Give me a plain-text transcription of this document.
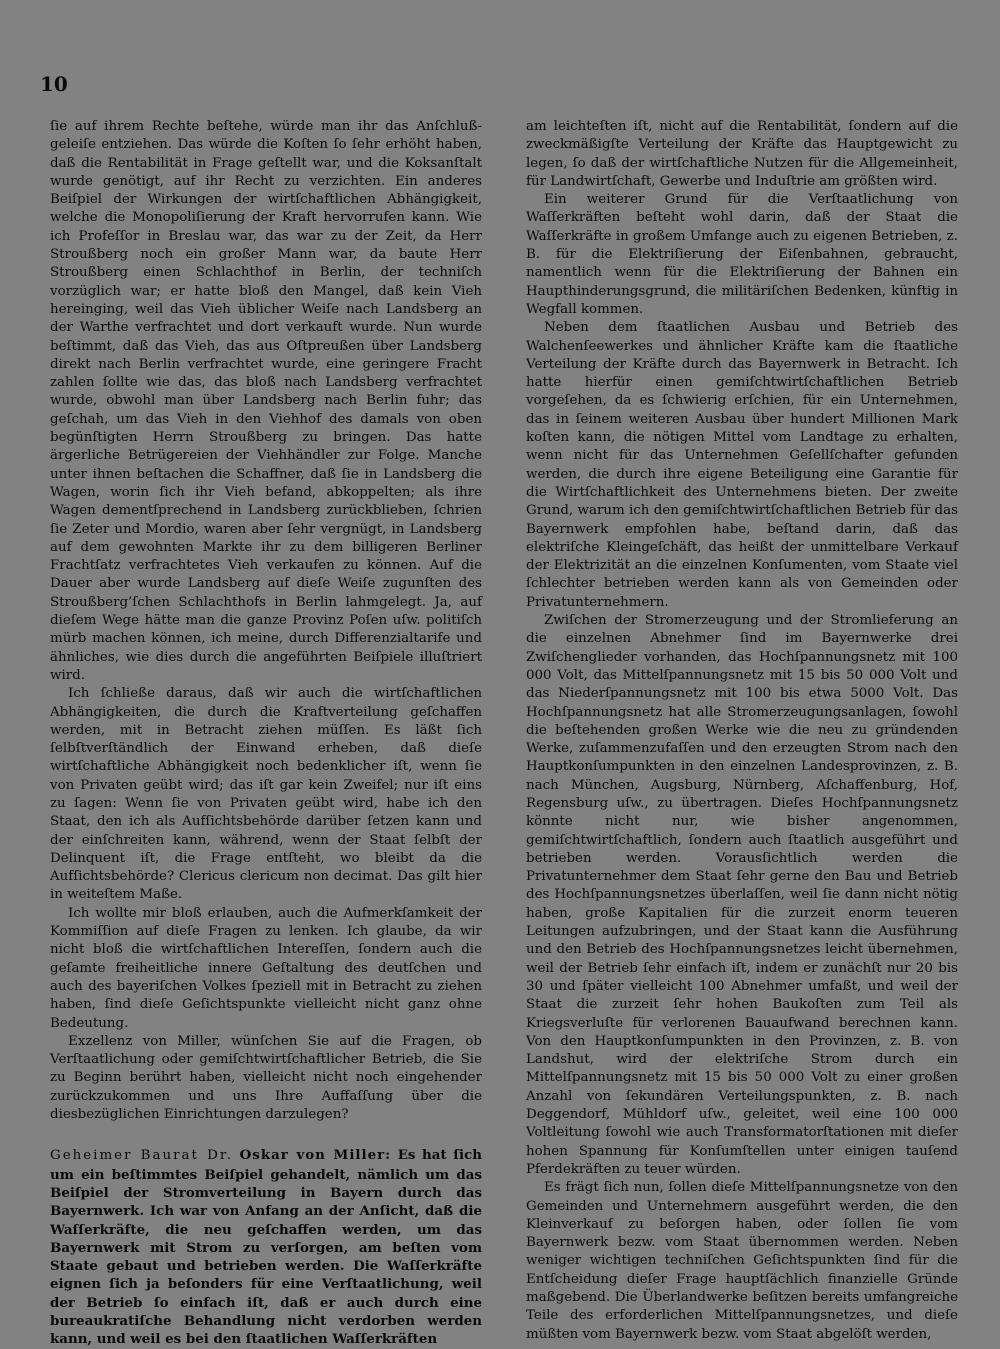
10

ſie auf ihrem Rechte beſtehe, würde man ihr das Anſchluß-geleiſe entziehen. Das würde die Koſten ſo ſehr erhöht haben, daß die Rentabilität in Frage geſtellt war, und die Koksanſtalt wurde genötigt, auf ihr Recht zu verzichten. Ein anderes Beiſpiel der Wirkungen der wirtſchaftlichen Abhängigkeit, welche die Monopoliſierung der Kraft hervorrufen kann. Wie ich Profeſſor in Breslau war, das war zu der Zeit, da Herr Stroußberg noch ein großer Mann war, da baute Herr Stroußberg einen Schlachthof in Berlin, der techniſch vorzüglich war; er hatte bloß den Mangel, daß kein Vieh hereinging, weil das Vieh üblicher Weiſe nach Landsberg an der Warthe verfrachtet und dort verkauft wurde. Nun wurde beſtimmt, daß das Vieh, das aus Oſtpreußen über Landsberg direkt nach Berlin verfrachtet wurde, eine geringere Fracht zahlen ſollte wie das, das bloß nach Landsberg verfrachtet wurde, obwohl man über Landsberg nach Berlin fuhr; das geſchah, um das Vieh in den Viehhof des damals von oben begünſtigten Herrn Stroußberg zu bringen. Das hatte ärgerliche Betrügereien der Viehhändler zur Folge. Manche unter ihnen beſtachen die Schaffner, daß ſie in Landsberg die Wagen, worin ſich ihr Vieh befand, abkoppelten; als ihre Wagen dementſprechend in Landsberg zurückblieben, ſchrien ſie Zeter und Mordio, waren aber ſehr vergnügt, in Landsberg auf dem gewohnten Markte ihr zu dem billigeren Berliner Frachtſatz verfrachtetes Vieh verkaufen zu können. Auf die Dauer aber wurde Landsberg auf dieſe Weiſe zugunſten des Stroußberg’ſchen Schlachthofs in Berlin lahmgelegt. Ja, auf dieſem Wege hätte man die ganze Provinz Poſen uſw. politiſch mürb machen können, ich meine, durch Differenzialtarife und ähnliches, wie dies durch die angeführten Beiſpiele illuſtriert wird.

Ich ſchließe daraus, daß wir auch die wirtſchaftlichen Abhängigkeiten, die durch die Kraftverteilung geſchaffen werden, mit in Betracht ziehen müſſen. Es läßt ſich ſelbſtverſtändlich der Einwand erheben, daß dieſe wirtſchaftliche Abhängigkeit noch bedenklicher iſt, wenn ſie von Privaten geübt wird; das iſt gar kein Zweifel; nur iſt eins zu ſagen: Wenn ſie von Privaten geübt wird, habe ich den Staat, den ich als Aufſichtsbehörde darüber ſetzen kann und der einſchreiten kann, während, wenn der Staat ſelbſt der Delinquent iſt, die Frage entſteht, wo bleibt da die Aufſichtsbehörde? Clericus clericum non decimat. Das gilt hier in weiteſtem Maße.

Ich wollte mir bloß erlauben, auch die Aufmerkſamkeit der Kommiſſion auf dieſe Fragen zu lenken. Ich glaube, da wir nicht bloß die wirtſchaftlichen Intereſſen, ſondern auch die geſamte freiheitliche innere Geſtaltung des deutſchen und auch des bayeriſchen Volkes ſpeziell mit in Betracht zu ziehen haben, ſind dieſe Geſichtspunkte vielleicht nicht ganz ohne Bedeutung.

Exzellenz von Miller, wünſchen Sie auf die Fragen, ob Verſtaatlichung oder gemiſchtwirtſchaftlicher Betrieb, die Sie zu Beginn berührt haben, vielleicht nicht noch eingehender zurückzukommen und uns Ihre Auffaſſung über die diesbezüglichen Einrichtungen darzulegen?

Geheimer Baurat Dr. Oskar von Miller: Es hat ſich um ein beſtimmtes Beiſpiel gehandelt, nämlich um das Beiſpiel der Stromverteilung in Bayern durch das Bayernwerk. Ich war von Anfang an der Anſicht, daß die Waſſerkräfte, die neu geſchaffen werden, um das Bayernwerk mit Strom zu verſorgen, am beſten vom Staate gebaut und betrieben werden. Die Waſſerkräfte eignen ſich ja beſonders für eine Verſtaatlichung, weil der Betrieb ſo einfach iſt, daß er auch durch eine bureaukratiſche Behandlung nicht verdorben werden kann, und weil es bei den ſtaatlichen Waſſerkräften

am leichteſten iſt, nicht auf die Rentabilität, ſondern auf die zweckmäßigſte Verteilung der Kräfte das Hauptgewicht zu legen, ſo daß der wirtſchaftliche Nutzen für die Allgemeinheit, für Landwirtſchaft, Gewerbe und Induſtrie am größten wird.

Ein weiterer Grund für die Verſtaatlichung von Waſſerkräften beſteht wohl darin, daß der Staat die Waſſerkräfte in großem Umfange auch zu eigenen Betrieben, z. B. für die Elektriſierung der Eiſenbahnen, gebraucht, namentlich wenn für die Elektriſierung der Bahnen ein Haupthinderungsgrund, die militäriſchen Bedenken, künftig in Wegfall kommen.

Neben dem ſtaatlichen Ausbau und Betrieb des Walchenſeewerkes und ähnlicher Kräfte kam die ſtaatliche Verteilung der Kräfte durch das Bayernwerk in Betracht. Ich hatte hierfür einen gemiſchtwirtſchaftlichen Betrieb vorgeſehen, da es ſchwierig erſchien, für ein Unternehmen, das in ſeinem weiteren Ausbau über hundert Millionen Mark koſten kann, die nötigen Mittel vom Landtage zu erhalten, wenn nicht für das Unternehmen Geſellſchafter gefunden werden, die durch ihre eigene Beteiligung eine Garantie für die Wirtſchaftlichkeit des Unternehmens bieten. Der zweite Grund, warum ich den gemiſchtwirtſchaftlichen Betrieb für das Bayernwerk empfohlen habe, beſtand darin, daß das elektriſche Kleingeſchäft, das heißt der unmittelbare Verkauf der Elektrizität an die einzelnen Konſumenten, vom Staate viel ſchlechter betrieben werden kann als von Gemeinden oder Privatunternehmern.

Zwiſchen der Stromerzeugung und der Stromlieferung an die einzelnen Abnehmer ſind im Bayernwerke drei Zwiſchenglieder vorhanden, das Hochſpannungsnetz mit 100 000 Volt, das Mittelſpannungsnetz mit 15 bis 50 000 Volt und das Niederſpannungsnetz mit 100 bis etwa 5000 Volt. Das Hochſpannungsnetz hat alle Stromerzeugungsanlagen, ſowohl die beſtehenden großen Werke wie die neu zu gründenden Werke, zuſammenzufaſſen und den erzeugten Strom nach den Hauptkonſumpunkten in den einzelnen Landesprovinzen, z. B. nach München, Augsburg, Nürnberg, Aſchaffenburg, Hof, Regensburg uſw., zu übertragen. Dieſes Hochſpannungsnetz könnte nicht nur, wie bisher angenommen, gemiſchtwirtſchaftlich, ſondern auch ſtaatlich ausgeführt und betrieben werden. Vorausſichtlich werden die Privatunternehmer dem Staat ſehr gerne den Bau und Betrieb des Hochſpannungsnetzes überlaſſen, weil ſie dann nicht nötig haben, große Kapitalien für die zurzeit enorm teueren Leitungen aufzubringen, und der Staat kann die Ausführung und den Betrieb des Hochſpannungsnetzes leicht übernehmen, weil der Betrieb ſehr einfach iſt, indem er zunächſt nur 20 bis 30 und ſpäter vielleicht 100 Abnehmer umfaßt, und weil der Staat die zurzeit ſehr hohen Baukoſten zum Teil als Kriegsverluſte für verlorenen Bauaufwand berechnen kann. Von den Hauptkonſumpunkten in den Provinzen, z. B. von Landshut, wird der elektriſche Strom durch ein Mittelſpannungsnetz mit 15 bis 50 000 Volt zu einer großen Anzahl von ſekundären Verteilungspunkten, z. B. nach Deggendorf, Mühldorf uſw., geleitet, weil eine 100 000 Voltleitung ſowohl wie auch Transformatorſtationen mit dieſer hohen Spannung für Konſumſtellen unter einigen tauſend Pferdekräften zu teuer würden.

Es frägt ſich nun, ſollen dieſe Mittelſpannungsnetze von den Gemeinden und Unternehmern ausgeführt werden, die den Kleinverkauf zu beſorgen haben, oder ſollen ſie vom Bayernwerk bezw. vom Staat übernommen werden. Neben weniger wichtigen techniſchen Geſichtspunkten ſind für die Entſcheidung dieſer Frage hauptſächlich finanzielle Gründe maßgebend. Die Überlandwerke beſitzen bereits umfangreiche Teile des erforderlichen Mittelſpannungsnetzes, und dieſe müßten vom Bayernwerk bezw. vom Staat abgelöſt werden,
